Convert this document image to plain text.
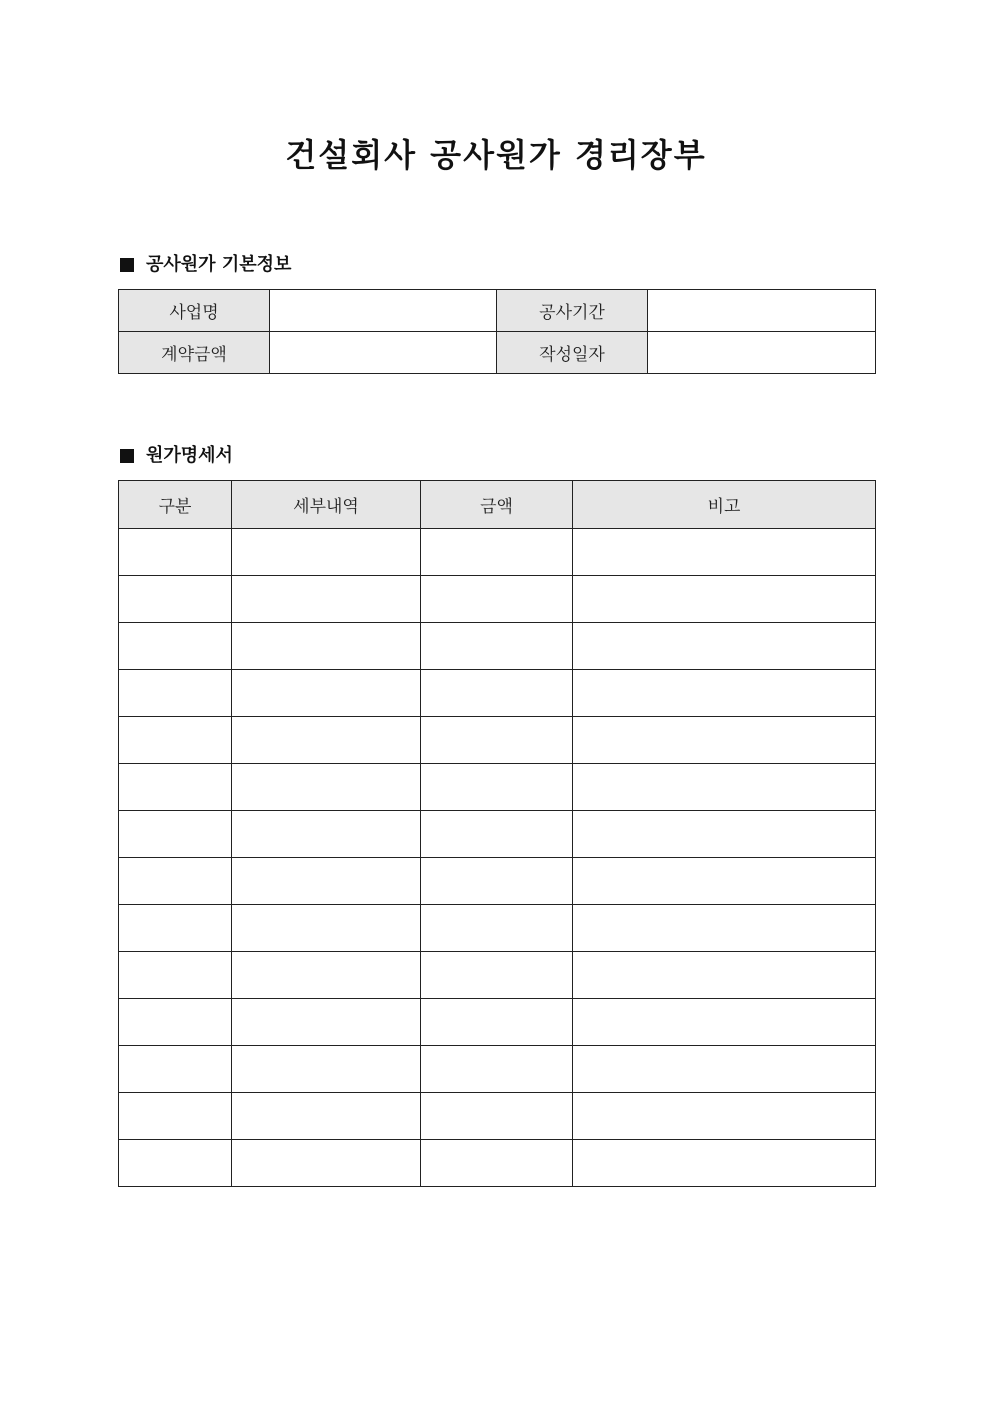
건설회사 공사원가 경리장부
공사원가 기본정보
사업명		공사기간	
계약금액		작성일자	
원가명세서
구분	세부내역	금액	비고
